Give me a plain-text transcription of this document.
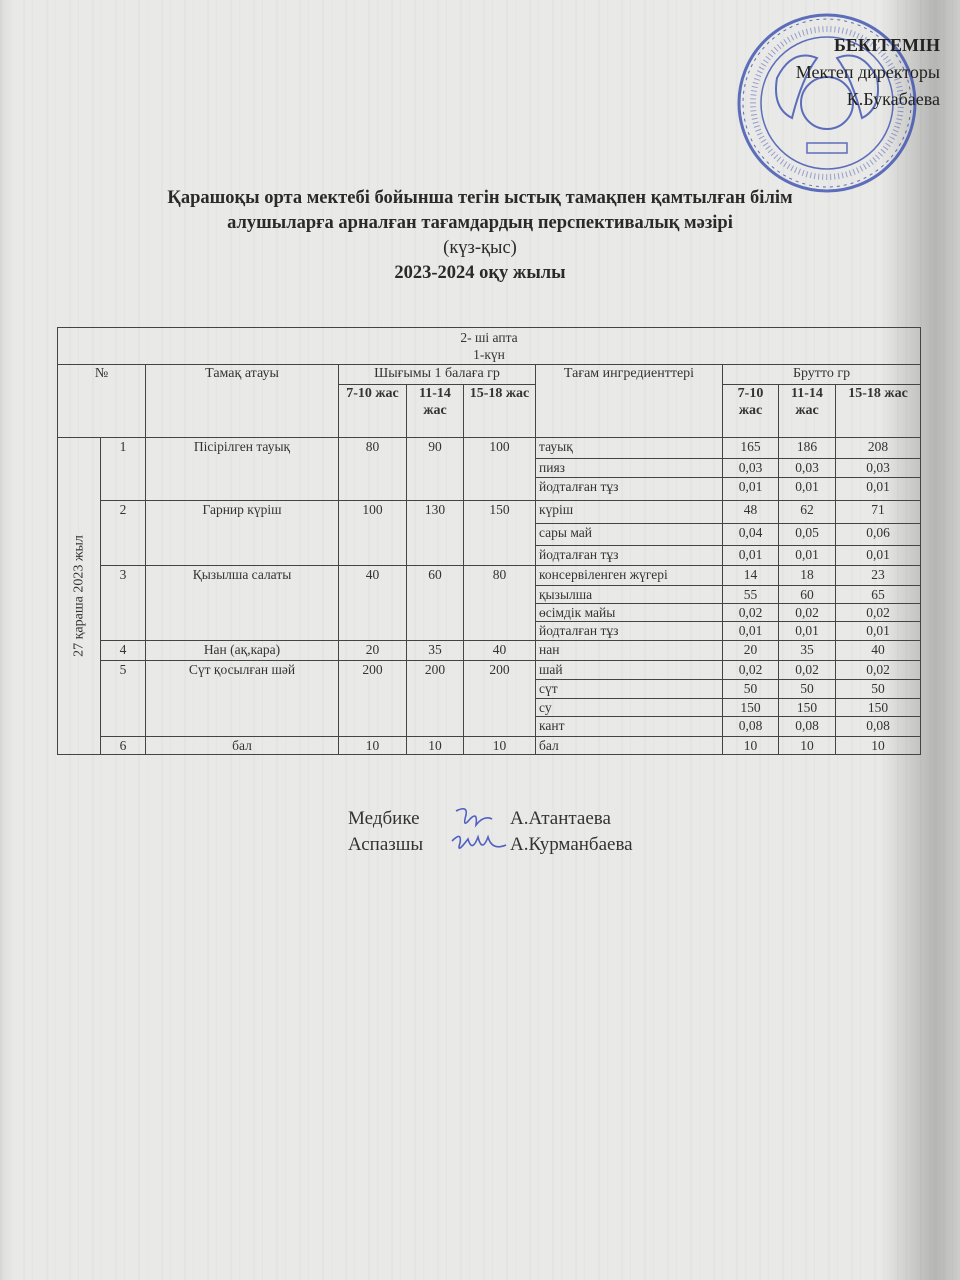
БЕКІТЕМІН
Мектеп директоры
К.Букабаева
Қарашоқы орта мектебі бойынша тегін ыстық тамақпен қамтылған білім
алушыларға арналған тағамдардың перспективалық мәзірі
(күз-қыс)
2023-2024 оқу жылы
2- ші апта
1-күн									

№		Тамақ атауы	Шығымы 1 балаға гр			Тағам ингредиенттері	Брутто гр		
			7-10 жас	11-14 жас	15-18 жас		7-10 жас	11-14 жас	15-18 жас

27 қараша 2023 жыл	1	Пісірілген тауық	80	90	100	тауық	165	186	208
						пияз	0,03	0,03	0,03
						йодталған тұз	0,01	0,01	0,01
	2	Гарнир күріш	100	130	150	күріш	48	62	71
						сары май	0,04	0,05	0,06
						йодталған тұз	0,01	0,01	0,01
	3	Қызылша салаты	40	60	80	консервіленген жүгері	14	18	23
						қызылша	55	60	65
						өсімдік майы	0,02	0,02	0,02
						йодталған тұз	0,01	0,01	0,01
	4	Нан (ақ,кара)	20	35	40	нан	20	35	40
	5	Сүт қосылған шәй	200	200	200	шай	0,02	0,02	0,02
						сүт	50	50	50
						су	150	150	150
						кант	0,08	0,08	0,08
	6	бал	10	10	10	бал	10	10	10
Медбике	А.Атантаева
Аспазшы	А.Курманбаева
